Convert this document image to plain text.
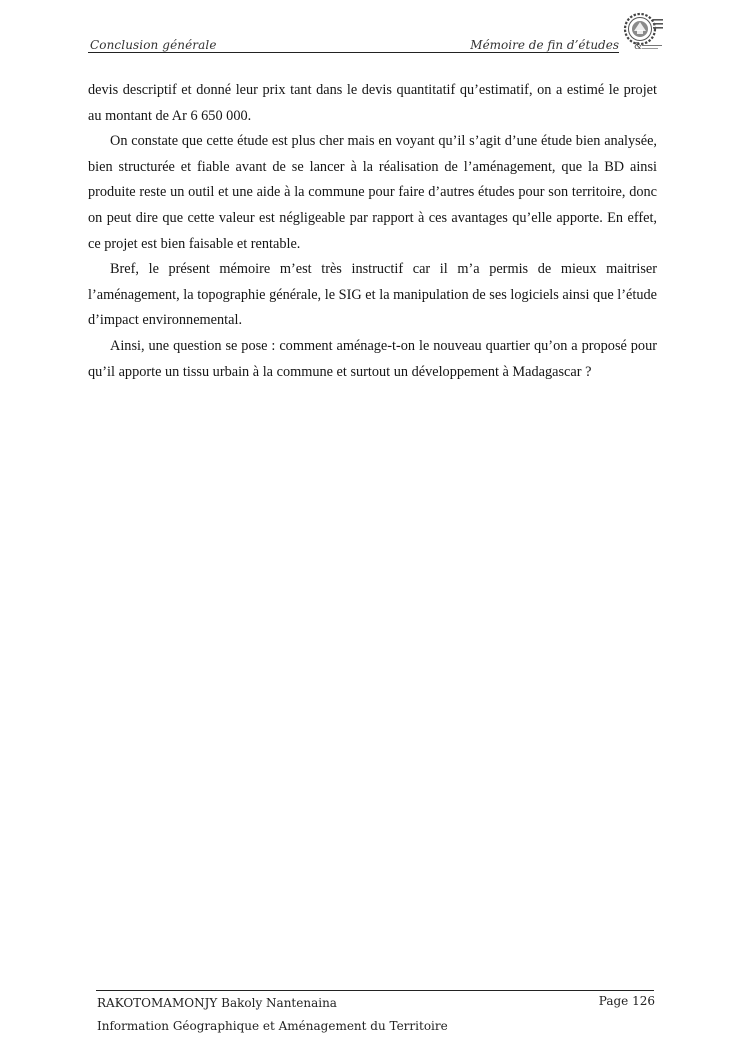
Conclusion générale	Mémoire de fin d’études &

devis descriptif et donné leur prix tant dans le devis quantitatif qu’estimatif, on a estimé le projet au montant de Ar 6 650 000.

On constate que cette étude est plus cher mais en voyant qu’il s’agit d’une étude bien analysée, bien structurée et fiable avant de se lancer à la réalisation de l’aménagement, que la BD ainsi produite reste un outil et une aide à la commune pour faire d’autres études pour son territoire, donc on peut dire que cette valeur est négligeable par rapport à ces avantages qu’elle apporte. En effet, ce projet est bien faisable et rentable.

Bref, le présent mémoire m’est très instructif car il m’a permis de mieux maitriser l’aménagement, la topographie générale, le SIG et la manipulation de ses logiciels ainsi que l’étude d’impact environnemental.

Ainsi, une question se pose : comment aménage-t-on le nouveau quartier qu’on a proposé pour qu’il apporte un tissu urbain à la commune et surtout un développement à Madagascar ?

RAKOTOMAMONJY Bakoly Nantenaina
Information Géographique et Aménagement du Territoire
Page 126
